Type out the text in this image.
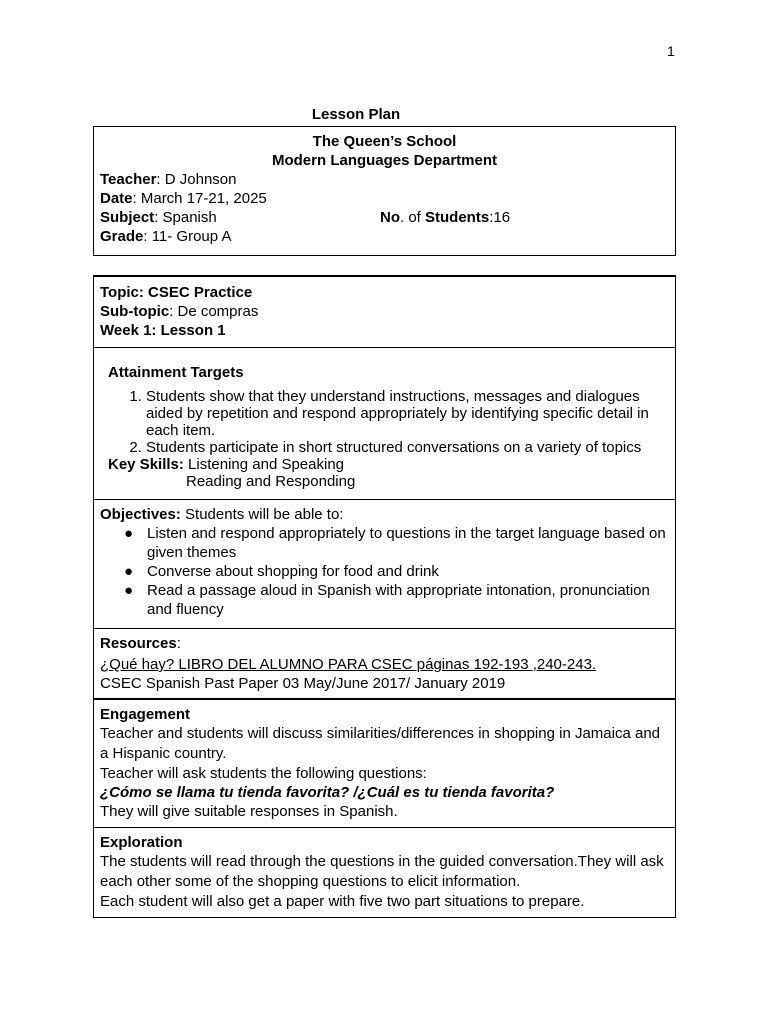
1
Lesson Plan
The Queen’s School
Modern Languages Department
Teacher: D Johnson
Date: March 17-21, 2025
Subject: Spanish	No. of Students:16
Grade: 11- Group A
Topic: CSEC Practice
Sub-topic: De compras
Week 1: Lesson 1
Attainment Targets
1. Students show that they understand instructions, messages and dialogues aided by repetition and respond appropriately by identifying specific detail in each item.
2. Students participate in short structured conversations on a variety of topics
Key Skills: Listening and Speaking
Reading and Responding
Objectives: Students will be able to:
● Listen and respond appropriately to questions in the target language based on given themes
● Converse about shopping for food and drink
● Read a passage aloud in Spanish with appropriate intonation, pronunciation and fluency
Resources:
¿Qué hay? LIBRO DEL ALUMNO PARA CSEC páginas 192-193 ,240-243.
CSEC Spanish Past Paper 03 May/June 2017/ January 2019
Engagement
Teacher and students will discuss similarities/differences in shopping in Jamaica and a Hispanic country.
Teacher will ask students the following questions:
¿Cómo se llama tu tienda favorita? /¿Cuál es tu tienda favorita?
They will give suitable responses in Spanish.
Exploration
The students will read through the questions in the guided conversation.They will ask each other some of the shopping questions to elicit information.
Each student will also get a paper with five two part situations to prepare.
